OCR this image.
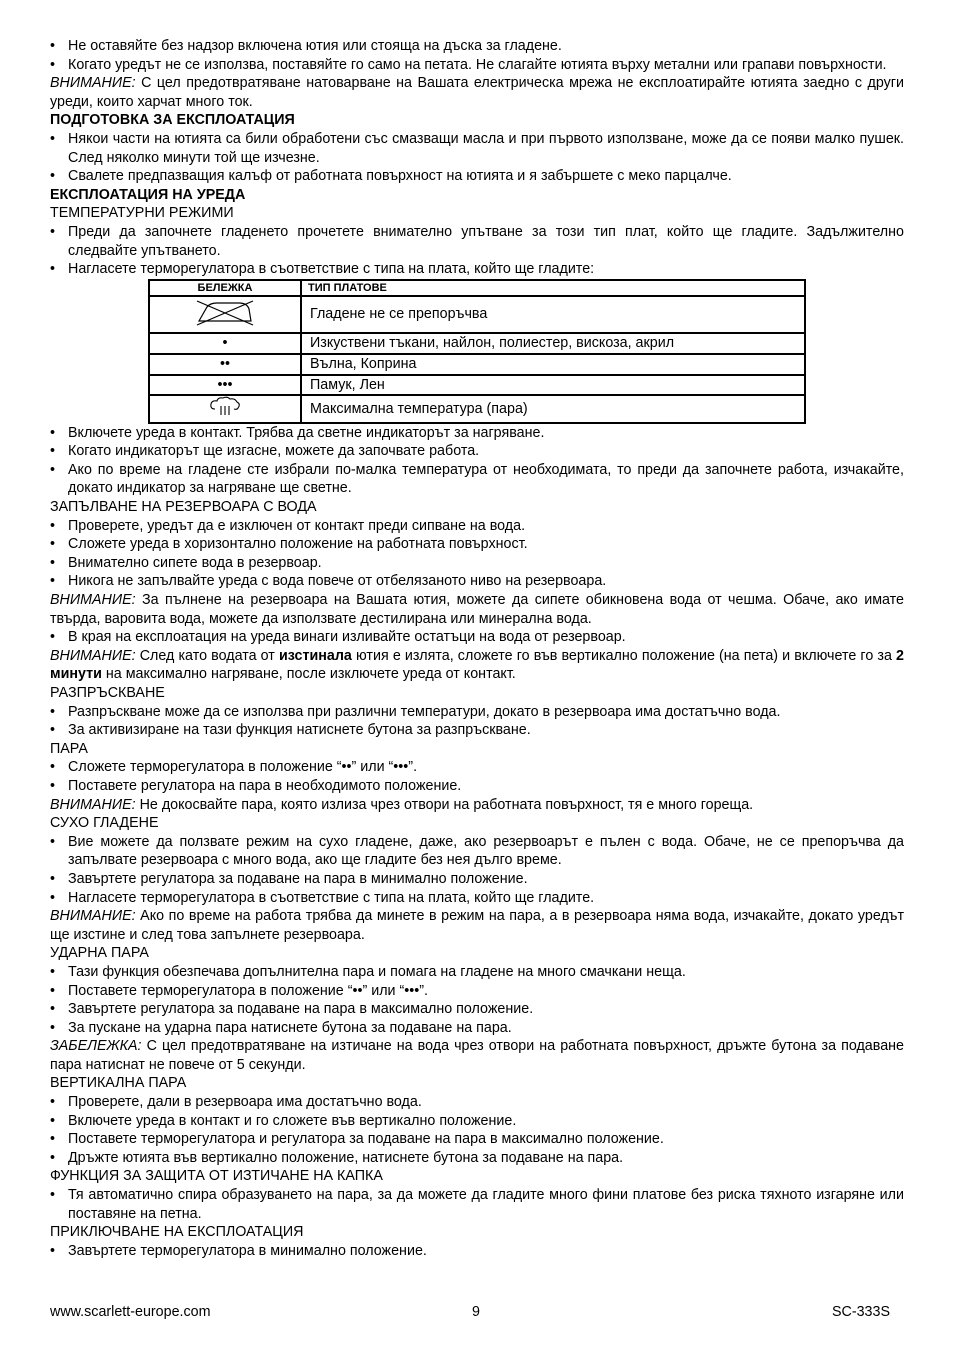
• Не оставяйте без надзор включена ютия или стояща на дъска за гладене.
• Когато уредът не се използва, поставяйте го само на петата. Не слагайте ютията върху метални или грапави повърхности.

ВНИМАНИЕ: С цел предотвратяване натоварване на Вашата електрическа мрежа не експлоатирайте ютията заедно с други уреди, които харчат много ток.

ПОДГОТОВКА ЗА ЕКСПЛОАТАЦИЯ

• Някои части на ютията са били обработени със смазващи масла и при първото използване, може да се появи малко пушек. След няколко минути той ще изчезне.
• Свалете предпазващия калъф от работната повърхност на ютията и я забършете с меко парцалче.

ЕКСПЛОАТАЦИЯ НА УРЕДА

ТЕМПЕРАТУРНИ РЕЖИМИ

• Преди да започнете гладенето прочетете внимателно упътване за този тип плат, който ще гладите. Задължително следвайте упътването.
• Нагласете терморегулатора в съответствие с типа на плата, който ще гладите:
БЕЛЕЖКА	ТИП ПЛАТОВЕ
	Гладене не се препоръчва
•	Изкуствени тъкани, найлон, полиестер, вискоза, акрил
••	Вълна, Коприна
•••	Памук, Лен
	Максимална температура (пара)
• Включете уреда в контакт. Трябва да светне индикаторът за нагряване.
• Когато индикаторът ще изгасне, можете да започвате работа.
• Ако по време на гладене сте избрали по-малка температура от необходимата, то преди да започнете работа, изчакайте, докато индикатор за нагряване ще светне.

ЗАПЪЛВАНЕ НА РЕЗЕРВОАРА С ВОДА

• Проверете, уредът да е изключен от контакт преди сипване на вода.
• Сложете уреда в хоризонтално положение на работната повърхност.
• Внимателно сипете вода в резервоар.
• Никога не запълвайте уреда с вода повече от отбелязаното ниво на резервоара.

ВНИМАНИЕ: За пълнене на резервоара на Вашата ютия, можете да сипете обикновена вода от чешма. Обаче, ако имате твърда, варовита вода, можете да използвате дестилирана или минерална вода.

• В края на експлоатация на уреда винаги изливайте остатъци на вода от резервоар.

ВНИМАНИЕ: След като водата от изстинала ютия е излята, сложете го във вертикално положение (на пета) и включете го за 2 минути на максимално нагряване, после изключете уреда от контакт.

РАЗПРЪСКВАНЕ

• Разпръскване може да се използва при различни температури, докато в резервоара има достатъчно вода.
• За активизиране на тази функция натиснете бутона за разпръскване.

ПАРА

• Сложете терморегулатора в положение “••” или “•••”.
• Поставете регулатора на пара в необходимото положение.

ВНИМАНИЕ: Не докосвайте пара, която излиза чрез отвори на работната повърхност, тя е много гореща.

СУХО ГЛАДЕНЕ

• Вие можете да ползвате режим на сухо гладене, даже, ако резервоарът е пълен с вода. Обаче, не се препоръчва да запълвате резервоара с много вода, ако ще гладите без нея дълго време.
• Завъртете регулатора за подаване на пара в минимално положение.
• Нагласете терморегулатора в съответствие с типа на плата, който ще гладите.

ВНИМАНИЕ: Ако по време на работа трябва да минете в режим на пара, а в резервоара няма вода, изчакайте, докато уредът ще изстине и след това запълнете резервоара.

УДАРНА ПАРА

• Тази функция обезпечава допълнителна пара и помага на гладене на много смачкани неща.
• Поставете терморегулатора в положение “••” или “•••”.
• Завъртете регулатора за подаване на пара в максимално положение.
• За пускане на ударна пара натиснете бутона за подаване на пара.

ЗАБЕЛЕЖКА: С цел предотвратяване на изтичане на вода чрез отвори на работната повърхност, дръжте бутона за подаване пара натиснат не повече от 5 секунди.

ВЕРТИКАЛНА ПАРА

• Проверете, дали в резервоара има достатъчно вода.
• Включете уреда в контакт и го сложете във вертикално положение.
• Поставете терморегулатора и регулатора за подаване на пара в максимално положение.
• Дръжте ютията във вертикално положение, натиснете бутона за подаване на пара.

ФУНКЦИЯ ЗА ЗАЩИТА ОТ ИЗТИЧАНЕ НА КАПКА

• Тя автоматично спира образуването на пара, за да можете да гладите много фини платове без риска тяхното изгаряне или поставяне на петна.

ПРИКЛЮЧВАНЕ НА ЕКСПЛОАТАЦИЯ

• Завъртете терморегулатора в минимално положение.
www.scarlett-europe.com	9	SC-333S
